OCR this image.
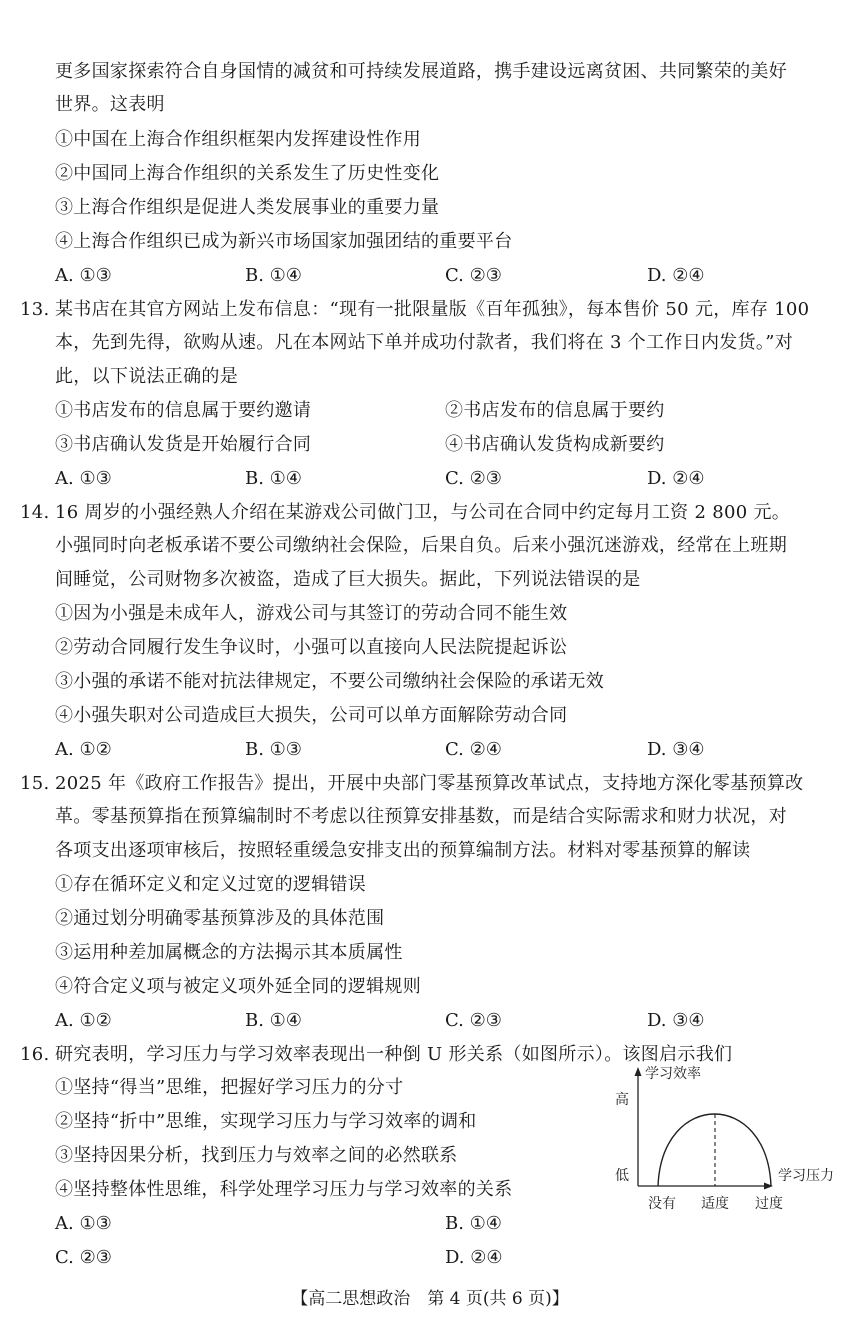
更多国家探索符合自身国情的减贫和可持续发展道路，携手建设远离贫困、共同繁荣的美好
世界。这表明
①中国在上海合作组织框架内发挥建设性作用
②中国同上海合作组织的关系发生了历史性变化
③上海合作组织是促进人类发展事业的重要力量
④上海合作组织已成为新兴市场国家加强团结的重要平台
A. ①③	B. ①④	C. ②③	D. ②④
13. 某书店在其官方网站上发布信息：“现有一批限量版《百年孤独》，每本售价 50 元，库存 100
本，先到先得，欲购从速。凡在本网站下单并成功付款者，我们将在 3 个工作日内发货。”对
此，以下说法正确的是
①书店发布的信息属于要约邀请	②书店发布的信息属于要约
③书店确认发货是开始履行合同	④书店确认发货构成新要约
A. ①③	B. ①④	C. ②③	D. ②④
14. 16 周岁的小强经熟人介绍在某游戏公司做门卫，与公司在合同中约定每月工资 2 800 元。
小强同时向老板承诺不要公司缴纳社会保险，后果自负。后来小强沉迷游戏，经常在上班期
间睡觉，公司财物多次被盗，造成了巨大损失。据此，下列说法错误的是
①因为小强是未成年人，游戏公司与其签订的劳动合同不能生效
②劳动合同履行发生争议时，小强可以直接向人民法院提起诉讼
③小强的承诺不能对抗法律规定，不要公司缴纳社会保险的承诺无效
④小强失职对公司造成巨大损失，公司可以单方面解除劳动合同
A. ①②	B. ①③	C. ②④	D. ③④
15. 2025 年《政府工作报告》提出，开展中央部门零基预算改革试点，支持地方深化零基预算改
革。零基预算指在预算编制时不考虑以往预算安排基数，而是结合实际需求和财力状况，对
各项支出逐项审核后，按照轻重缓急安排支出的预算编制方法。材料对零基预算的解读
①存在循环定义和定义过宽的逻辑错误
②通过划分明确零基预算涉及的具体范围
③运用种差加属概念的方法揭示其本质属性
④符合定义项与被定义项外延全同的逻辑规则
A. ①②	B. ①④	C. ②③	D. ③④
16. 研究表明，学习压力与学习效率表现出一种倒 U 形关系（如图所示）。该图启示我们
①坚持“得当”思维，把握好学习压力的分寸
②坚持“折中”思维，实现学习压力与学习效率的调和
③坚持因果分析，找到压力与效率之间的必然联系
④坚持整体性思维，科学处理学习压力与学习效率的关系
A. ①③	B. ①④
C. ②③	D. ②④
学习效率
高
低	学习压力
没有 适度 过度
【高二思想政治　第 4 页(共 6 页)】
